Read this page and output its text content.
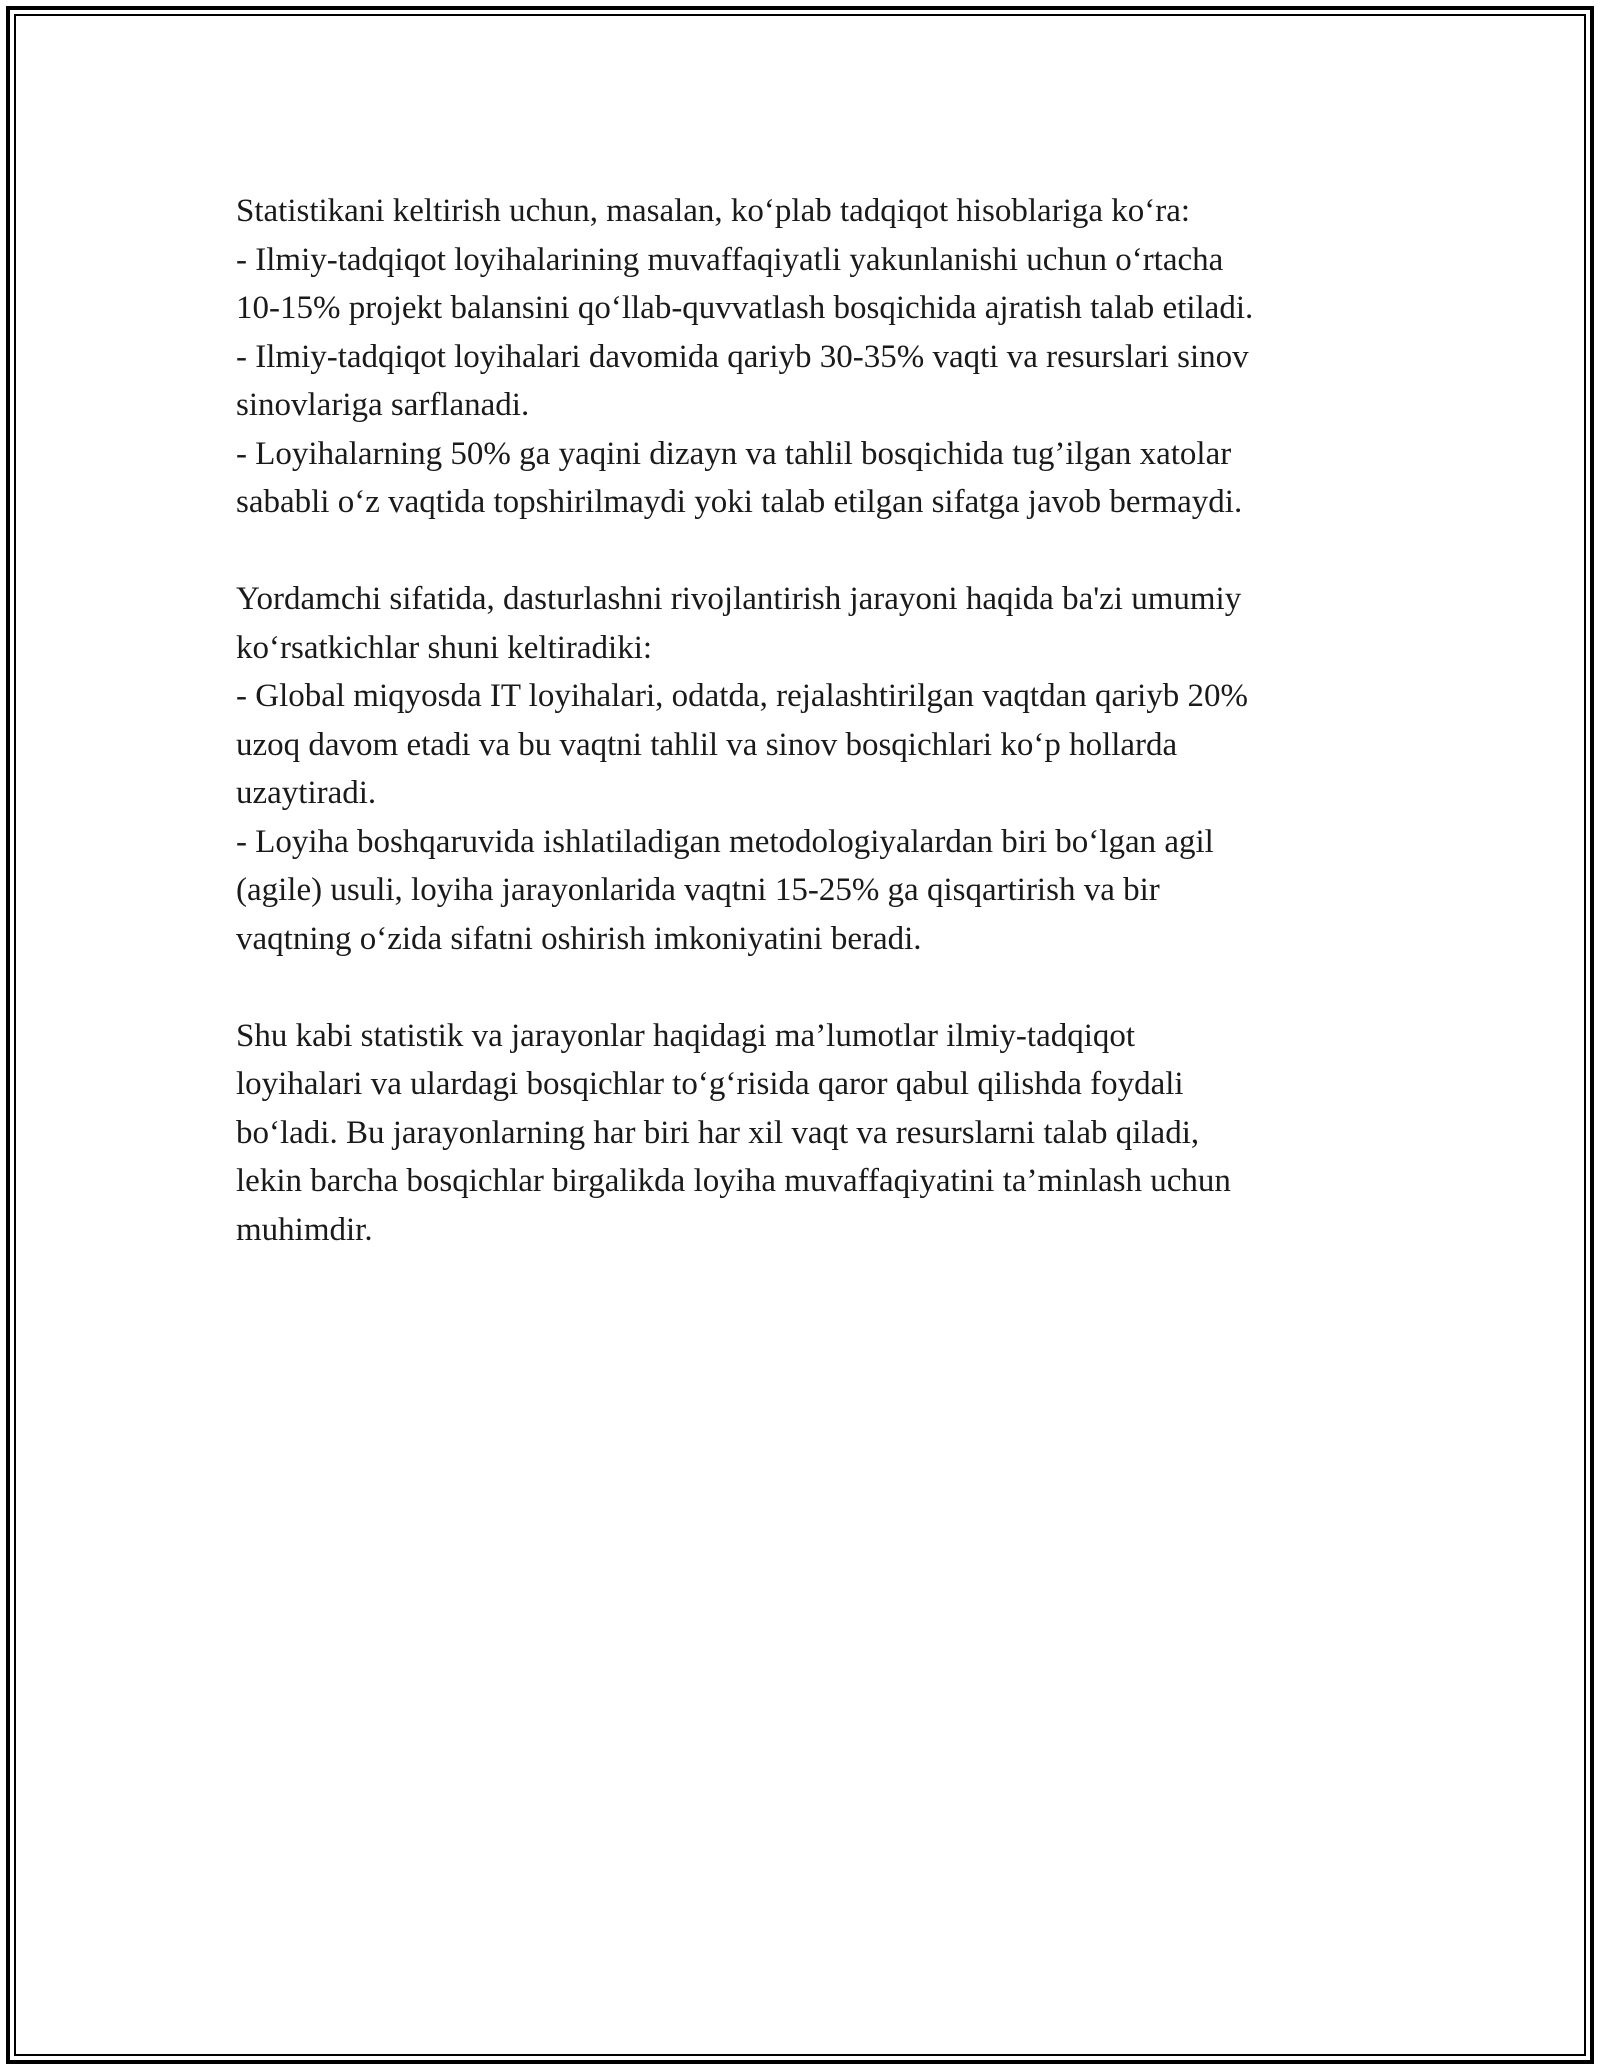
Statistikani keltirish uchun, masalan, ko‘plab tadqiqot hisoblariga ko‘ra:
- Ilmiy-tadqiqot loyihalarining muvaffaqiyatli yakunlanishi uchun o‘rtacha
10-15% projekt balansini qo‘llab-quvvatlash bosqichida ajratish talab etiladi.
- Ilmiy-tadqiqot loyihalari davomida qariyb 30-35% vaqti va resurslari sinov
sinovlariga sarflanadi.
- Loyihalarning 50% ga yaqini dizayn va tahlil bosqichida tug’ilgan xatolar
sababli o‘z vaqtida topshirilmaydi yoki talab etilgan sifatga javob bermaydi.

Yordamchi sifatida, dasturlashni rivojlantirish jarayoni haqida ba'zi umumiy
ko‘rsatkichlar shuni keltiradiki:
- Global miqyosda IT loyihalari, odatda, rejalashtirilgan vaqtdan qariyb 20%
uzoq davom etadi va bu vaqtni tahlil va sinov bosqichlari ko‘p hollarda
uzaytiradi.
- Loyiha boshqaruvida ishlatiladigan metodologiyalardan biri bo‘lgan agil
(agile) usuli, loyiha jarayonlarida vaqtni 15-25% ga qisqartirish va bir
vaqtning o‘zida sifatni oshirish imkoniyatini beradi.

Shu kabi statistik va jarayonlar haqidagi ma’lumotlar ilmiy-tadqiqot
loyihalari va ulardagi bosqichlar to‘g‘risida qaror qabul qilishda foydali
bo‘ladi. Bu jarayonlarning har biri har xil vaqt va resurslarni talab qiladi,
lekin barcha bosqichlar birgalikda loyiha muvaffaqiyatini ta’minlash uchun
muhimdir.
